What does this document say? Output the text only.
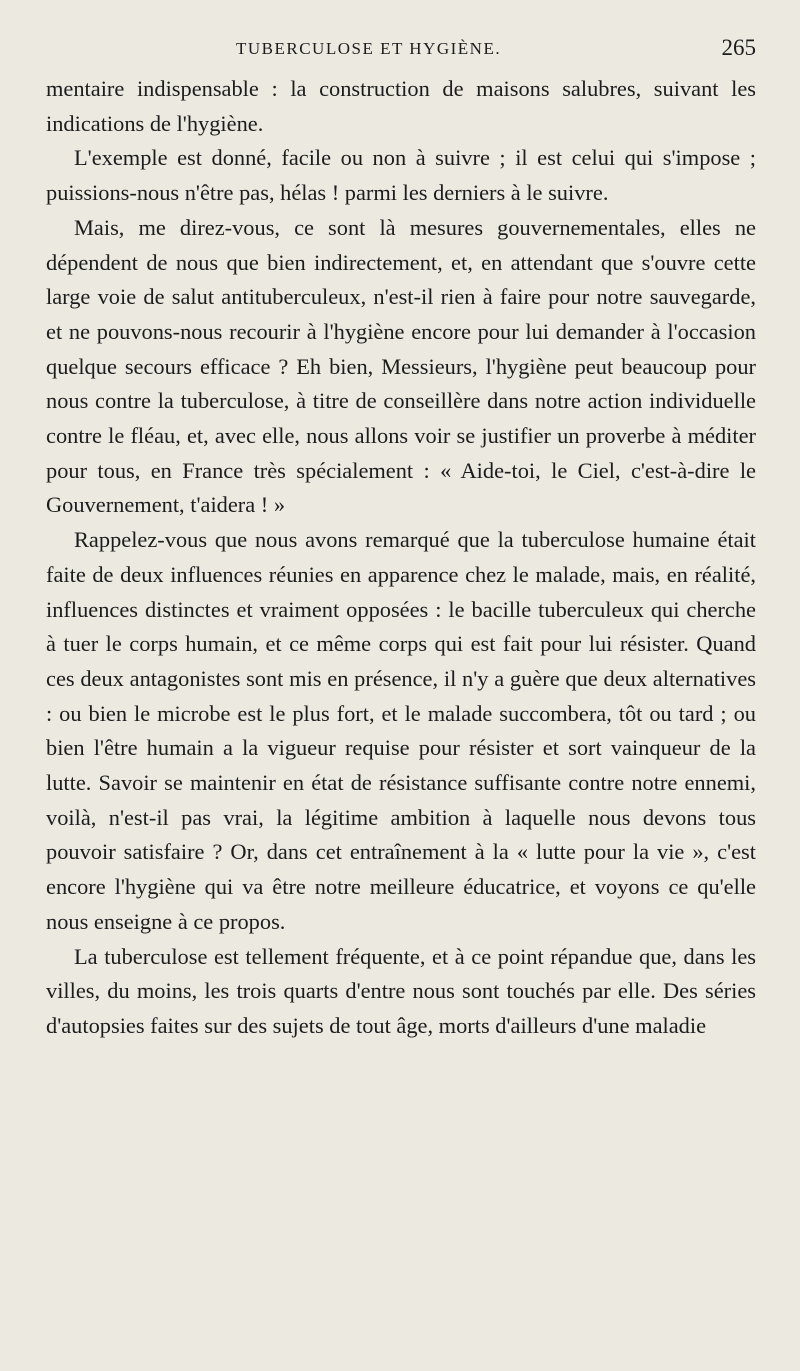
TUBERCULOSE ET HYGIÈNE.	265

mentaire indispensable : la construction de maisons salubres, suivant les indications de l'hygiène.

L'exemple est donné, facile ou non à suivre ; il est celui qui s'impose ; puissions-nous n'être pas, hélas ! parmi les derniers à le suivre.

Mais, me direz-vous, ce sont là mesures gouvernementales, elles ne dépendent de nous que bien indirectement, et, en attendant que s'ouvre cette large voie de salut antituberculeux, n'est-il rien à faire pour notre sauvegarde, et ne pouvons-nous recourir à l'hygiène encore pour lui demander à l'occasion quelque secours efficace ? Eh bien, Messieurs, l'hygiène peut beaucoup pour nous contre la tuberculose, à titre de conseillère dans notre action individuelle contre le fléau, et, avec elle, nous allons voir se justifier un proverbe à méditer pour tous, en France très spécialement : « Aide-toi, le Ciel, c'est-à-dire le Gouvernement, t'aidera ! »

Rappelez-vous que nous avons remarqué que la tuberculose humaine était faite de deux influences réunies en apparence chez le malade, mais, en réalité, influences distinctes et vraiment opposées : le bacille tuberculeux qui cherche à tuer le corps humain, et ce même corps qui est fait pour lui résister. Quand ces deux antagonistes sont mis en présence, il n'y a guère que deux alternatives : ou bien le microbe est le plus fort, et le malade succombera, tôt ou tard ; ou bien l'être humain a la vigueur requise pour résister et sort vainqueur de la lutte. Savoir se maintenir en état de résistance suffisante contre notre ennemi, voilà, n'est-il pas vrai, la légitime ambition à laquelle nous devons tous pouvoir satisfaire ? Or, dans cet entraînement à la « lutte pour la vie », c'est encore l'hygiène qui va être notre meilleure éducatrice, et voyons ce qu'elle nous enseigne à ce propos.

La tuberculose est tellement fréquente, et à ce point répandue que, dans les villes, du moins, les trois quarts d'entre nous sont touchés par elle. Des séries d'autopsies faites sur des sujets de tout âge, morts d'ailleurs d'une maladie
